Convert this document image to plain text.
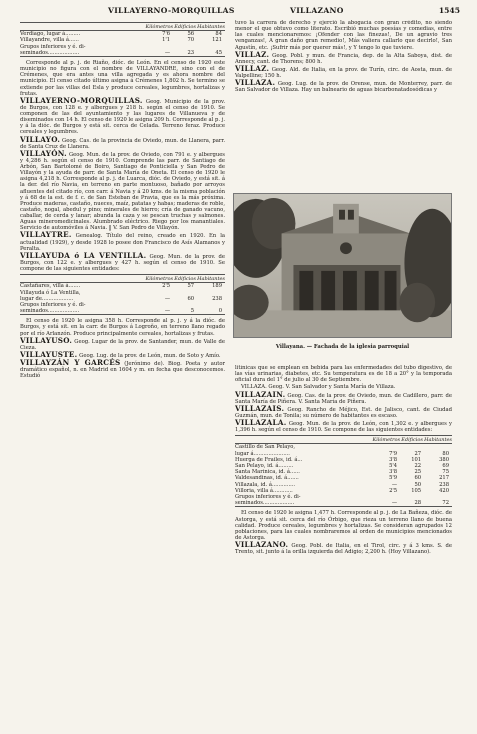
VILLAYERNO-MORQUILLAS	VILLAZANO	1545
	Kilómetros	Edificios	Habitantes
Verdiago, lugar á.........	7'6	56	84
Villayandre, villa á......	1'1	70	121
Grupos inferiores y é. di-			
seminados...................	—	23	45

Corresponde al p. j. de Riaño, dióc. de León. En el censo de 1920 este municipio no figura con el nombre de VILLAYANDRE, sino con el de Crémenes, que era antes una villa agregada y es ahora nombre del municipio. El censo citado último asigna á Crémenes 1,802 h. Se termino se extiende por las villas del Esla y produce cereales, legumbres, hortalizas y frutas.

VILLAYERNO-MORQUILLAS. Geog. Municipio de la prov. de Burgos, con 128 e. y albergues y 218 h. según el censo de 1910. Se componen de las del ayuntamiento y las lugares de Villanueva y de diseminados con 14 h. El censo de 1920 le asigna 209 h. Corresponde al p. j. y á la dióc. de Burgos y está sit. cerca de Celada. Terreno feraz. Produce cereales y legumbres.

VILLAYO. Geog. Cas. de la provincia de Oviedo, mun. de Llanera, parr. de Santa Cruz de Llanera.

VILLAYÓN. Geog. Mun. de la prov. de Oviedo, con 791 e. y albergues y 4,286 h. según el censo de 1910. Comprende las parr. de Santiago de Arbón, San Bartolomé de Boiro, Santiago de Ponticiella y San Pedro de Villayón y la ayuda de parr. de Santa María de Oneta. El censo de 1920 le asigna 4,218 h. Corresponde al p. j. de Luarca, dióc. de Oviedo, y está sit. á la der. del río Navia, en terreno en parte montuoso, bañado por arroyos afluentes del citado río, con carr. á Navia y á 20 kms. de la misma población y á 68 de la est. de f. c. de San Esteban de Pravia, que es la más próxima. Produce maderas, castaño, nueces, maíz, patatas y habas; maderas de roble, castaño, nogal, abedul y pino; minerales de hierro; cría de ganado vacuno, caballar, de cerda y lanar; abunda la caza y se pescan truchas y salmones. Aguas mineromedicinales. Alumbrado eléctrico. Riego por los manantiales. Servicio de automóviles á Navia. ‖ V. San Pedro de Villayón.

VILLAYTRE. Genealog. Título del reino, creado en 1920. En la actualidad (1929), y desde 1928 lo posee don Francisco de Asís Alamanos y Peralta.

VILLAYUDA ó LA VENTILLA. Geog. Mun. de la prov. de Burgos, con 122 e. y albergues y 427 h. según el censo de 1910. Se compone de las siguientes entidades:

	Kilómetros	Edificios	Habitantes
Castañares, villa á.......	2'5	57	189
Villayuda ó La Ventilla,			
lugar de...................	—	60	238
Grupos inferiores y é. di-			
seminados...................	—	5	0

El censo de 1920 le asigna 358 h. Corresponde al p. j. y á la dióc. de Burgos, y está sit. en la carr. de Burgos á Logroño, en terreno llano regado por el río Arlanzón. Produce principalmente cereales, hortalizas y frutas.

VILLAYUSO. Geog. Lugar de la prov. de Santander, mun. de Valle de Cieza.

VILLAYUSTE. Geog. Lug. de la prov. de León, mun. de Soto y Amío.

VILLAYZÁN Y GARCÉS (Jerónimo de). Biog. Poeta y autor dramático español, n. en Madrid en 1604 y m. en fecha que desconocemos. Estudió

tuvo la carrera de derecho y ejerció la abogacía con gran crédito, no siendo menor el que obtuvo como literato. Escribió muchas poesías y comedias, entre las cuales mencionaremos: ¡Ofender con las finezas!, De un agravio tres venganzas!, A gran daño gran remedio!, Más valiera callarlo que decirlo!, San Agustín, etc. ¡Sufrir más por querer más!, y Y tengo lo que tuviere.

VILLAZ. Geog. Pobl. y mun. de Francia, dep. de la Alta Saboya, dist. de Annecy, cant. de Thorens; 800 h.

VILLAZ. Geog. Ald. de Italia, en la prov. de Turín, circ. de Aosta, mun. de Valpelline; 150 h.

VILLAZA. Geog. Lug. de la prov. de Orense, mun. de Monterrey, parr. de San Salvador de Villaza. Hay un balneario de aguas bicarbonatadosódicas y

Villayana. — Fachada de la iglesia parroquial

litínicas que se emplean en bebida para las enfermedades del tubo digestivo, de las vías urinarias, diabetes, etc. Su temperatura es de 18 a 20° y la temporada oficial dura del 1° de julio al 30 de Septiembre.

VILLAZA. Geog. V. San Salvador y Santa María de Villaza.

VILLAZAIN. Geog. Cas. de la prov. de Oviedo, mun. de Cadillero, parr. de Santa María de Piñera. V. Santa María de Piñera.

VILLAZAIS. Geog. Rancho de Méjico, Est. de Jalisco, cant. de Ciudad Guzmán, mun. de Tonila; su número de habitantes es escaso.

VILLAZALA. Geog. Mun. de la prov. de León, con 1,302 e. y albergues y 1,396 h. según el censo de 1910. Se compone de las siguientes entidades:

	Kilómetros	Edificios	Habitantes
Castillo de San Pelayo,			
lugar á......................	7'9	27	80
Huerga de Frailes, id. á...	3'8	101	380
San Pelayo, id. á.........	5'4	22	69
Santa Marinica, id. á......	3'8	25	75
Valdesandinas, id. á.......	5'9	60	217
Villazala, id. á..............	—	50	238
Villoria, villa á............	2'5	105	420
Grupos inferiores y é. di-			
seminados...................	—	28	72

El censo de 1920 le asigna 1,477 h. Corresponde al p. j. de La Bañeza, dióc. de Astorga, y está sit. cerca del río Órbigo, que rieza un terreno llano de buena calidad. Produce cereales, legumbres y hortalizas. Se consideran agrupados 12 poblaciones, para las cuales nombraremos al orden de municipios mencionados de Astorga.

VILLAZANO. Geog. Pobl. de Italia, en el Tirol, circ. y á 3 kms. S. de Trento, sit. junto á la orilla izquierda del Adigio; 2,200 h. (Hoy Villazano).
